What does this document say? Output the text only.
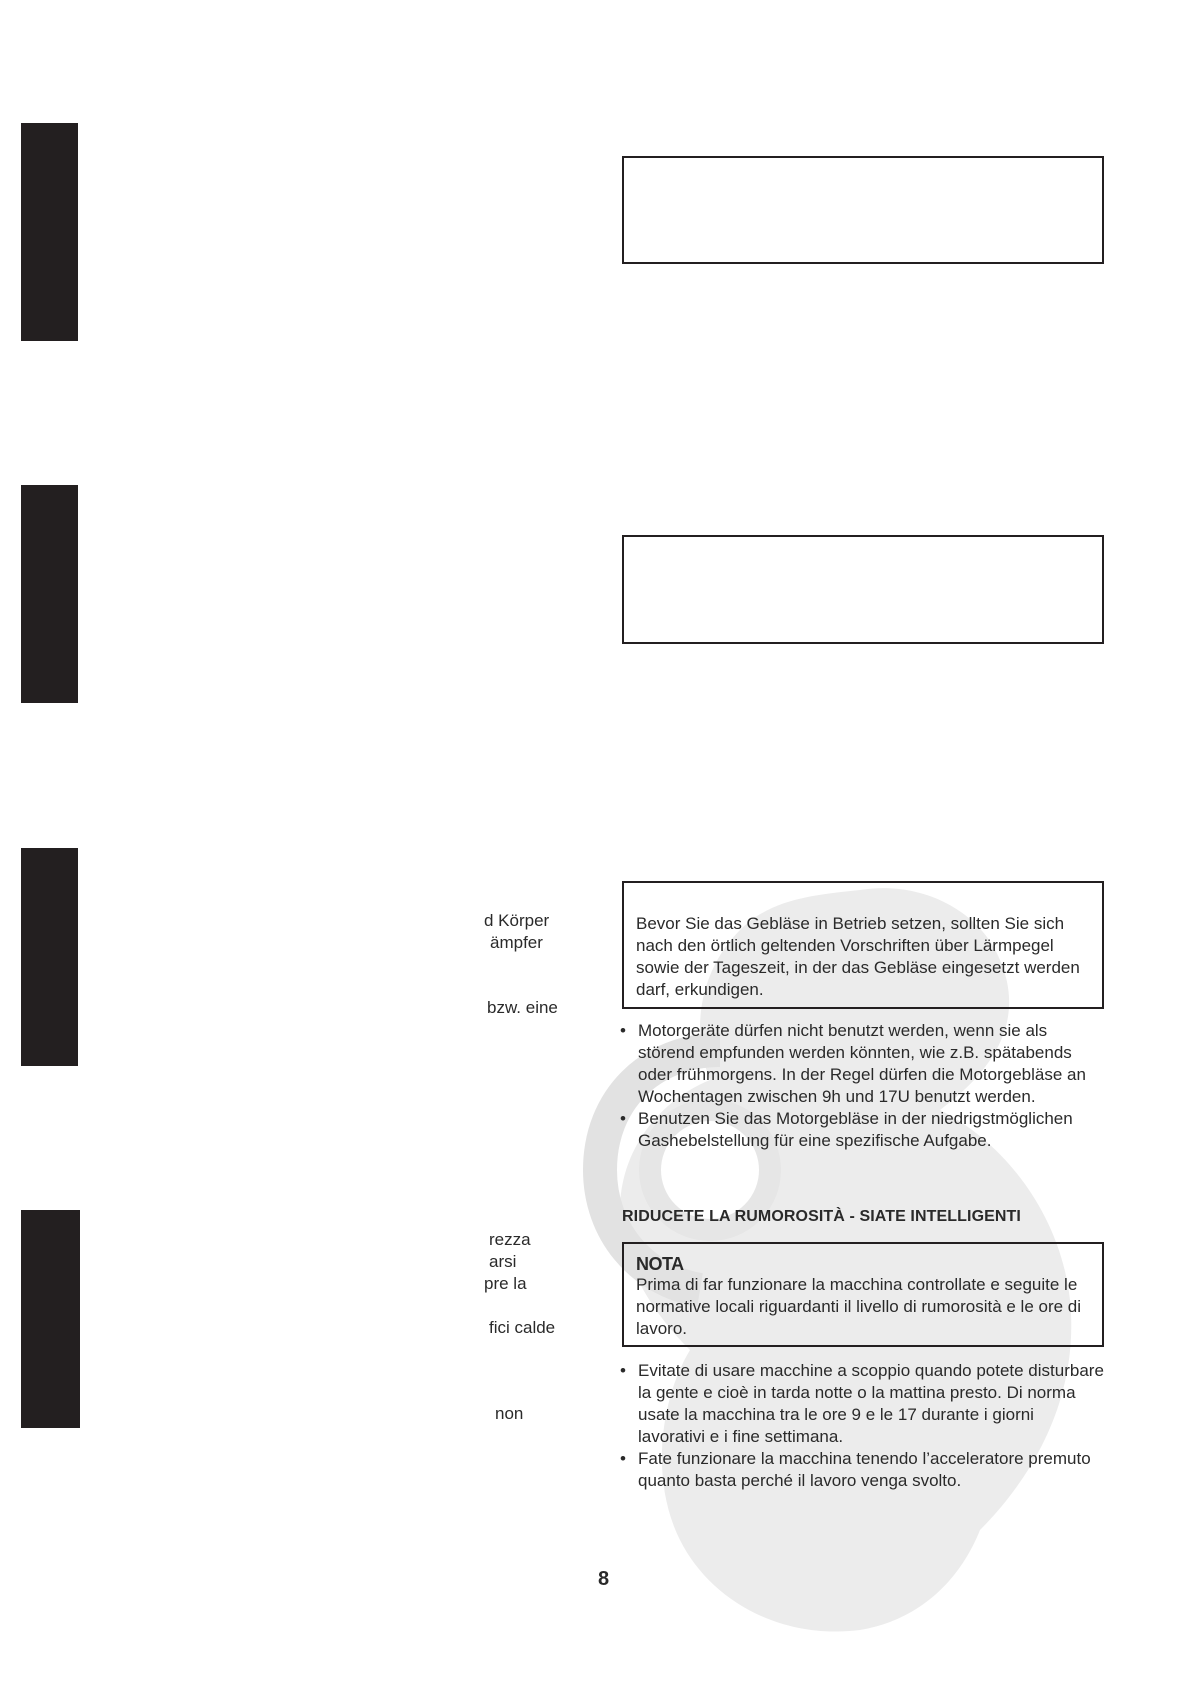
d Körper
ämpfer
bzw. eine
rezza
arsi
pre la
fici calde
non
Bevor Sie das Gebläse in Betrieb setzen, sollten Sie sich nach den örtlich geltenden Vorschriften über Lärmpegel sowie der Tageszeit, in der das Gebläse eingesetzt werden darf, erkundigen.
• Motorgeräte dürfen nicht benutzt werden, wenn sie als störend empfunden werden könnten, wie z.B. spätabends oder frühmorgens. In der Regel dürfen die Motorgebläse an Wochentagen zwischen 9h und 17U benutzt werden.
• Benutzen Sie das Motorgebläse in der niedrigstmöglichen Gashebelstellung für eine spezifische Aufgabe.
RIDUCETE LA RUMOROSITÀ - SIATE INTELLIGENTI
NOTA
Prima di far funzionare la macchina controllate e seguite le normative locali riguardanti il livello di rumorosità e le ore di lavoro.
• Evitate di usare macchine a scoppio quando potete disturbare la gente e cioè in tarda notte o la mattina presto. Di norma usate la macchina tra le ore 9 e le 17 durante i giorni lavorativi e i fine settimana.
• Fate funzionare la macchina tenendo l’acceleratore premuto quanto basta perché il lavoro venga svolto.
8
